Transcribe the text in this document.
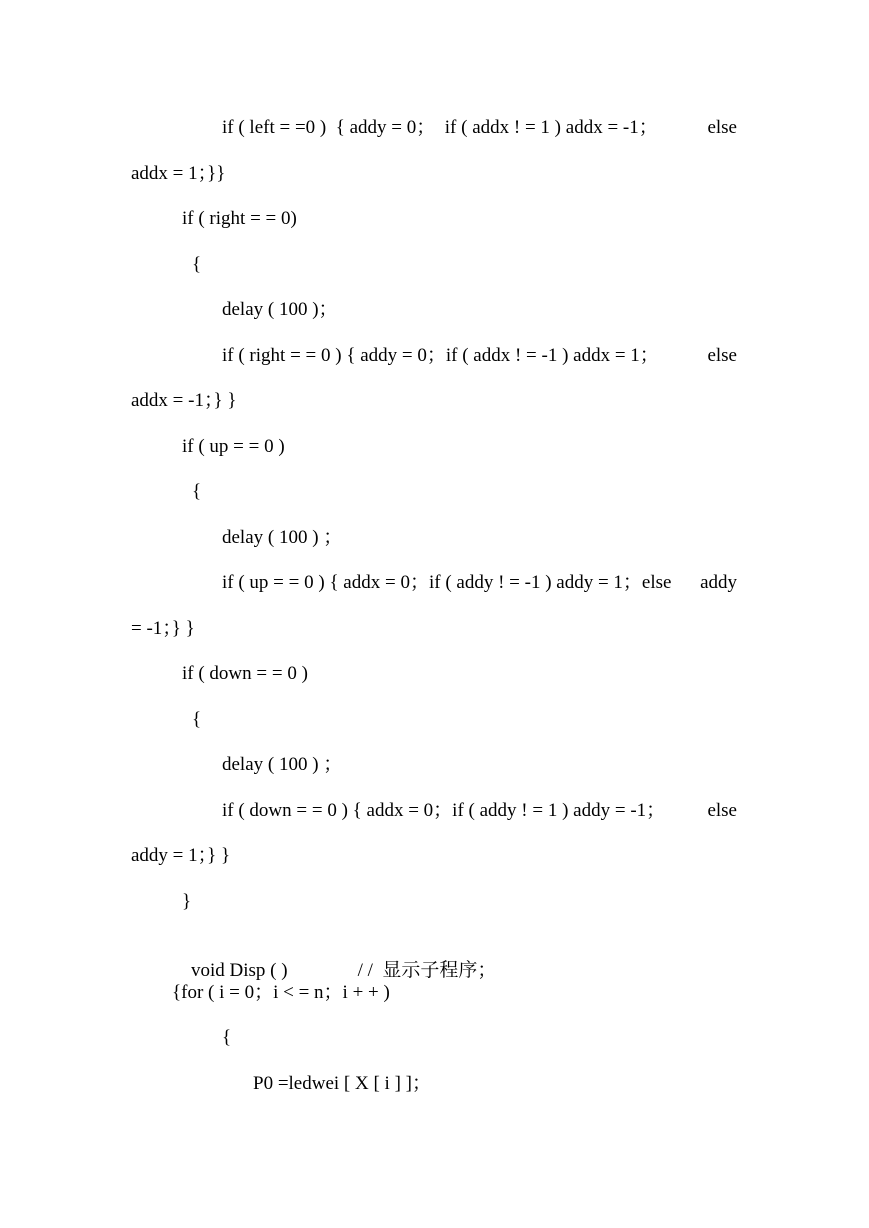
if ( left = =0 )  { addy = 0；  if ( addx ! = 1 ) addx = -1；	else
addx = 1；}}
if ( right = = 0)
{
delay ( 100 )；
if ( right = = 0 ) { addy = 0；if ( addx ! = -1 ) addx = 1；	else
addx = -1；} }
if ( up = = 0 )
{
delay ( 100 ) ；
if ( up = = 0 ) { addx = 0；if ( addy ! = -1 ) addy = 1；else addy
= -1；} }
if ( down = = 0 )
{
delay ( 100 ) ；
if ( down = = 0 ) { addx = 0；if ( addy ! = 1 ) addy = -1； else
addy = 1；} }
}

void Disp ( )	/ /  显示子程序；

{for ( i = 0；i < = n；i + + )
{
P0 =ledwei [ X [ i ] ]；
